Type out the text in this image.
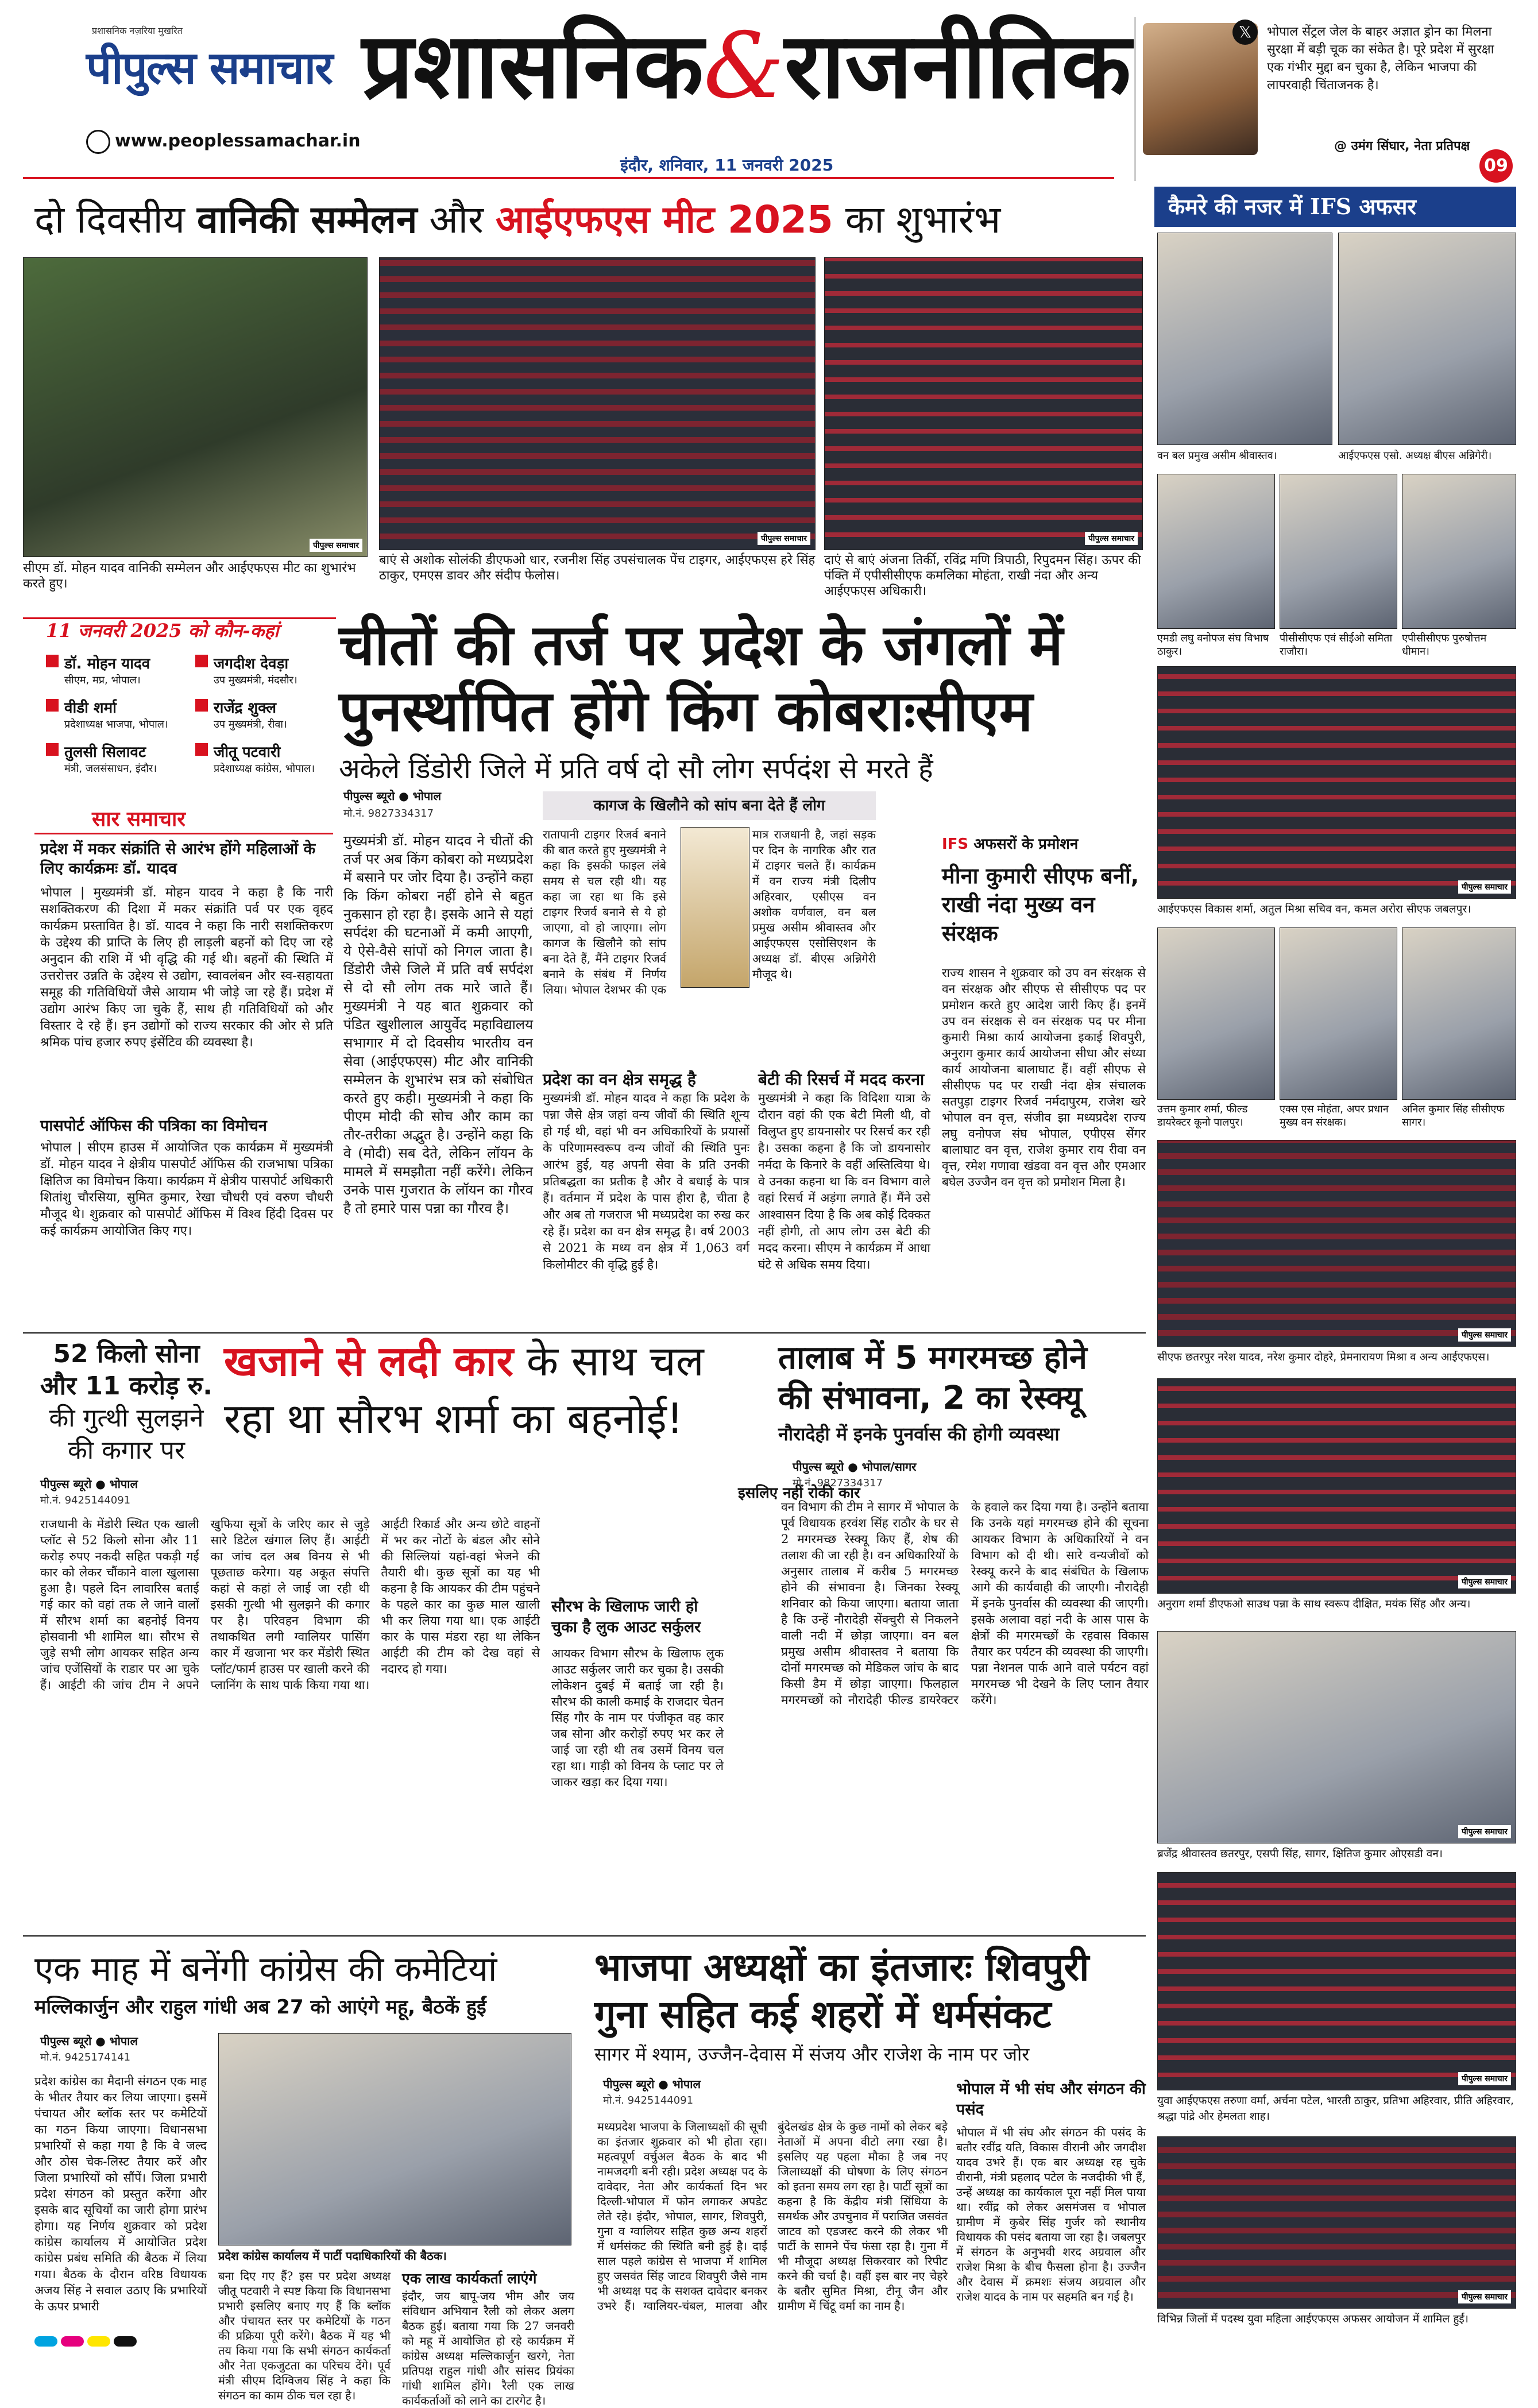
प्रशासनिक नज़रिया मुखरित
पीपुल्स समाचार
www.peoplessamachar.in
प्रशासनिक&राजनीतिक
इंदौर, शनिवार, 11 जनवरी 2025
𝕏	भोपाल सेंट्रल जेल के बाहर अज्ञात ड्रोन का मिलना सुरक्षा में बड़ी चूक का संकेत है। पूरे प्रदेश में सुरक्षा एक गंभीर मुद्दा बन चुका है, लेकिन भाजपा की लापरवाही चिंताजनक है।
@ उमंग सिंघार, नेता प्रतिपक्ष
09
दो दिवसीय वानिकी सम्मेलन और आईएफएस मीट 2025 का शुभारंभ
पीपुल्स समाचार
सीएम डॉ. मोहन यादव वानिकी सम्मेलन और आईएफएस मीट का शुभारंभ करते हुए।
पीपुल्स समाचार
बाएं से अशोक सोलंकी डीएफओ धार, रजनीश सिंह उपसंचालक पेंच टाइगर, आईएफएस हरे सिंह ठाकुर, एमएस डावर और संदीप फेलोस।
पीपुल्स समाचार
दाएं से बाएं अंजना तिर्की, रविंद्र मणि त्रिपाठी, रिपुदमन सिंह। ऊपर की पंक्ति में एपीसीसीएफ कमलिका मोहंता, राखी नंदा और अन्य आईएफएस अधिकारी।
कैमरे की नजर में IFS अफसर
वन बल प्रमुख असीम श्रीवास्तव।	आईएफएस एसो. अध्यक्ष बीएस अन्निगेरी।
एमडी लघु वनोपज संघ विभाष ठाकुर।
पीसीसीएफ एवं सीईओ समिता राजौरा।
एपीसीसीएफ पुरुषोत्तम धीमान।
पीपुल्स समाचार
आईएफएस विकास शर्मा, अतुल मिश्रा सचिव वन, कमल अरोरा सीएफ जबलपुर।
उत्तम कुमार शर्मा, फील्ड डायरेक्टर कूनो पालपुर।
एक्स एस मोहंता, अपर प्रधान मुख्य वन संरक्षक।
अनिल कुमार सिंह सीसीएफ सागर।
पीपुल्स समाचार
सीएफ छतरपुर नरेश यादव, नरेश कुमार दोहरे, प्रेमनारायण मिश्रा व अन्य आईएफएस।
पीपुल्स समाचार
अनुराग शर्मा डीएफओ साउथ पन्ना के साथ स्वरूप दीक्षित, मयंक सिंह और अन्य।
पीपुल्स समाचार
ब्रजेंद्र श्रीवास्तव छतरपुर, एसपी सिंह, सागर, क्षितिज कुमार ओएसडी वन।
पीपुल्स समाचार
युवा आईएफएस तरुणा वर्मा, अर्चना पटेल, भारती ठाकुर, प्रतिभा अहिरवार, प्रीति अहिरवार, श्रद्धा पांद्रे और हेमलता शाह।
पीपुल्स समाचार
विभिन्न जिलों में पदस्थ युवा महिला आईएफएस अफसर आयोजन में शामिल हुईं।
11 जनवरी 2025 को कौन-कहां
डॉ. मोहन यादव
सीएम, मप्र, भोपाल।
जगदीश देवड़ा
उप मुख्यमंत्री, मंदसौर।
वीडी शर्मा
प्रदेशाध्यक्ष भाजपा, भोपाल।
राजेंद्र शुक्ल
उप मुख्यमंत्री, रीवा।
तुलसी सिलावट
मंत्री, जलसंसाधन, इंदौर।
जीतू पटवारी
प्रदेशाध्यक्ष कांग्रेस, भोपाल।
सार समाचार
प्रदेश में मकर संक्रांति से आरंभ होंगे महिलाओं के लिए कार्यक्रमः डॉ. यादव
भोपाल | मुख्यमंत्री डॉ. मोहन यादव ने कहा है कि नारी सशक्तिकरण की दिशा में मकर संक्रांति पर्व पर एक वृहद कार्यक्रम प्रस्तावित है। डॉ. यादव ने कहा कि नारी सशक्तिकरण के उद्देश्य की प्राप्ति के लिए ही लाड़ली बहनों को दिए जा रहे अनुदान की राशि में भी वृद्धि की गई थी। बहनों की स्थिति में उत्तरोत्तर उन्नति के उद्देश्य से उद्योग, स्वावलंबन और स्व-सहायता समूह की गतिविधियों जैसे आयाम भी जोड़े जा रहे हैं। प्रदेश में उद्योग आरंभ किए जा चुके हैं, साथ ही गतिविधियों को और विस्तार दे रहे हैं। इन उद्योगों को राज्य सरकार की ओर से प्रति श्रमिक पांच हजार रुपए इंसेंटिव की व्यवस्था है।
पासपोर्ट ऑफिस की पत्रिका का विमोचन
भोपाल | सीएम हाउस में आयोजित एक कार्यक्रम में मुख्यमंत्री डॉ. मोहन यादव ने क्षेत्रीय पासपोर्ट ऑफिस की राजभाषा पत्रिका क्षितिज का विमोचन किया। कार्यक्रम में क्षेत्रीय पासपोर्ट अधिकारी शितांशु चौरसिया, सुमित कुमार, रेखा चौधरी एवं वरुण चौधरी मौजूद थे। शुक्रवार को पासपोर्ट ऑफिस में विश्व हिंदी दिवस पर कई कार्यक्रम आयोजित किए गए।
चीतों की तर्ज पर प्रदेश के जंगलों में
पुनर्स्थापित होंगे किंग कोबराःसीएम
अकेले डिंडोरी जिले में प्रति वर्ष दो सौ लोग सर्पदंश से मरते हैं
पीपुल्स ब्यूरो ● भोपाल
मो.नं. 9827334317
मुख्यमंत्री डॉ. मोहन यादव ने चीतों की तर्ज पर अब किंग कोबरा को मध्यप्रदेश में बसाने पर जोर दिया है। उन्होंने कहा कि किंग कोबरा नहीं होने से बहुत नुकसान हो रहा है। इसके आने से यहां सर्पदंश की घटनाओं में कमी आएगी, ये ऐसे-वैसे सांपों को निगल जाता है। डिंडोरी जैसे जिले में प्रति वर्ष सर्पदंश से दो सौ लोग तक मारे जाते हैं। मुख्यमंत्री ने यह बात शुक्रवार को पंडित खुशीलाल आयुर्वेद महाविद्यालय सभागार में दो दिवसीय भारतीय वन सेवा (आईएफएस) मीट और वानिकी सम्मेलन के शुभारंभ सत्र को संबोधित करते हुए कही। मुख्यमंत्री ने कहा कि पीएम मोदी की सोच और काम का तौर-तरीका अद्भुत है। उन्होंने कहा कि वे (मोदी) सब देते, लेकिन लॉयन के मामले में समझौता नहीं करेंगे। लेकिन उनके पास गुजरात के लॉयन का गौरव है तो हमारे पास पन्ना का गौरव है।
कागज के खिलौने को सांप बना देते हैं लोग
रातापानी टाइगर रिजर्व बनाने की बात करते हुए मुख्यमंत्री ने कहा कि इसकी फाइल लंबे समय से चल रही थी। यह कहा जा रहा था कि इसे टाइगर रिजर्व बनाने से ये हो जाएगा, वो हो जाएगा। लोग कागज के खिलौने को सांप बना देते हैं, मैंने टाइगर रिजर्व बनाने के संबंध में निर्णय लिया। भोपाल देशभर की एक मात्र राजधानी है, जहां सड़क पर दिन के नागरिक और रात में टाइगर चलते हैं। कार्यक्रम में वन राज्य मंत्री दिलीप अहिरवार, एसीएस वन अशोक वर्णवाल, वन बल प्रमुख असीम श्रीवास्तव और आईएफएस एसोसिएशन के अध्यक्ष डॉ. बीएस अन्निगेरी मौजूद थे।
प्रदेश का वन क्षेत्र समृद्ध है
मुख्यमंत्री डॉ. मोहन यादव ने कहा कि प्रदेश के पन्ना जैसे क्षेत्र जहां वन्य जीवों की स्थिति शून्य हो गई थी, वहां भी वन अधिकारियों के प्रयासों के परिणामस्वरूप वन्य जीवों की स्थिति पुनः आरंभ हुई, यह अपनी सेवा के प्रति उनकी प्रतिबद्धता का प्रतीक है और वे बधाई के पात्र हैं। वर्तमान में प्रदेश के पास हीरा है, चीता है और अब तो गजराज भी मध्यप्रदेश का रुख कर रहे हैं। प्रदेश का वन क्षेत्र समृद्ध है। वर्ष 2003 से 2021 के मध्य वन क्षेत्र में 1,063 वर्ग किलोमीटर की वृद्धि हुई है।
बेटी की रिसर्च में मदद करना
मुख्यमंत्री ने कहा कि विदिशा यात्रा के दौरान वहां की एक बेटी मिली थी, वो विलुप्त हुए डायनासोर पर रिसर्च कर रही है। उसका कहना है कि जो डायनासोर नर्मदा के किनारे के वहीं अस्तित्विया थे। वे उनका कहना था कि वन विभाग वाले वहां रिसर्च में अड़ंगा लगाते हैं। मैंने उसे आश्वासन दिया है कि अब कोई दिक्कत नहीं होगी, तो आप लोग उस बेटी की मदद करना। सीएम ने कार्यक्रम में आधा घंटे से अधिक समय दिया।
IFS अफसरों के प्रमोशन
मीना कुमारी सीएफ बनीं, राखी नंदा मुख्य वन संरक्षक
राज्य शासन ने शुक्रवार को उप वन संरक्षक से वन संरक्षक और सीएफ से सीसीएफ पद पर प्रमोशन करते हुए आदेश जारी किए हैं। इनमें उप वन संरक्षक से वन संरक्षक पद पर मीना कुमारी मिश्रा कार्य आयोजना इकाई शिवपुरी, अनुराग कुमार कार्य आयोजना सीधा और संध्या कार्य आयोजना बालाघाट हैं। वहीं सीएफ से सीसीएफ पद पर राखी नंदा क्षेत्र संचालक सतपुड़ा टाइगर रिजर्व नर्मदापुरम, राजेश खरे भोपाल वन वृत्त, संजीव झा मध्यप्रदेश राज्य लघु वनोपज संघ भोपाल, एपीएस सेंगर बालाघाट वन वृत्त, राजेश कुमार राय रीवा वन वृत्त, रमेश गणावा खंडवा वन वृत्त और एमआर बघेल उज्जैन वन वृत्त को प्रमोशन मिला है।
52 किलो सोना
और 11 करोड़ रु.
की गुत्थी सुलझने
की कगार पर
खजाने से लदी कार के साथ चल
रहा था सौरभ शर्मा का बहनोई!
पीपुल्स ब्यूरो ● भोपाल
मो.नं. 9425144091
राजधानी के मेंडोरी स्थित एक खाली प्लॉट से 52 किलो सोना और 11 करोड़ रुपए नकदी सहित पकड़ी गई कार को लेकर चौंकाने वाला खुलासा हुआ है। पहले दिन लावारिस बताई गई कार को वहां तक ले जाने वालों में सौरभ शर्मा का बहनोई विनय होसवानी भी शामिल था। सौरभ से जुड़े सभी लोग आयकर सहित अन्य जांच एजेंसियों के राडार पर आ चुके हैं। आईटी की जांच टीम ने अपने खुफिया सूत्रों के जरिए कार से जुड़े सारे डिटेल खंगाल लिए हैं। आईटी का जांच दल अब विनय से भी पूछताछ करेगा। यह अकूत संपत्ति कहां से कहां ले जाई जा रही थी इसकी गुत्थी भी सुलझने की कगार पर है। परिवहन विभाग की तथाकथित लगी ग्वालियर पासिंग कार में खजाना भर कर मेंडोरी स्थित प्लॉट/फार्म हाउस पर खाली करने की प्लानिंग के साथ पार्क किया गया था। आईटी रिकार्ड और अन्य छोटे वाहनों में भर कर नोटों के बंडल और सोने की सिल्लियां यहां-वहां भेजने की तैयारी थी। कुछ सूत्रों का यह भी कहना है कि आयकर की टीम पहुंचने के पहले कार का कुछ माल खाली भी कर लिया गया था। एक आईटी कार के पास मंडरा रहा था लेकिन आईटी की टीम को देख वहां से नदारद हो गया।
सौरभ के खिलाफ जारी हो चुका है लुक आउट सर्कुलर
आयकर विभाग सौरभ के खिलाफ लुक आउट सर्कुलर जारी कर चुका है। उसकी लोकेशन दुबई में बताई जा रही है। सौरभ की काली कमाई के राजदार चेतन सिंह गौर के नाम पर पंजीकृत वह कार जब सोना और करोड़ों रुपए भर कर ले जाई जा रही थी तब उसमें विनय चल रहा था। गाड़ी को विनय के प्लाट पर ले जाकर खड़ा कर दिया गया।
इसलिए नहीं रोकी कार
तालाब में 5 मगरमच्छ होने
की संभावना, 2 का रेस्क्यू
नौरादेही में इनके पुनर्वास की होगी व्यवस्था
पीपुल्स ब्यूरो ● भोपाल/सागर
मो.नं. 9827334317
वन विभाग की टीम ने सागर में भोपाल के पूर्व विधायक हरवंश सिंह राठौर के घर से 2 मगरमच्छ रेस्क्यू किए हैं, शेष की तलाश की जा रही है। वन अधिकारियों के अनुसार तालाब में करीब 5 मगरमच्छ होने की संभावना है। जिनका रेस्क्यू शनिवार को किया जाएगा। बताया जाता है कि उन्हें नौरादेही सेंक्चुरी से निकलने वाली नदी में छोड़ा जाएगा। वन बल प्रमुख असीम श्रीवास्तव ने बताया कि दोनों मगरमच्छ को मेडिकल जांच के बाद किसी डैम में छोड़ा जाएगा। फिलहाल मगरमच्छों को नौरादेही फील्ड डायरेक्टर के हवाले कर दिया गया है। उन्होंने बताया कि उनके यहां मगरमच्छ होने की सूचना आयकर विभाग के अधिकारियों ने वन विभाग को दी थी। सारे वन्यजीवों को रेस्क्यू करने के बाद संबंधित के खिलाफ आगे की कार्यवाही की जाएगी। नौरादेही में इनके पुनर्वास की व्यवस्था की जाएगी। इसके अलावा वहां नदी के आस पास के क्षेत्रों की मगरमच्छों के रहवास विकास तैयार कर पर्यटन की व्यवस्था की जाएगी। पन्ना नेशनल पार्क आने वाले पर्यटन वहां मगरमच्छ भी देखने के लिए प्लान तैयार करेंगे।
एक माह में बनेंगी कांग्रेस की कमेटियां
मल्लिकार्जुन और राहुल गांधी अब 27 को आएंगे महू, बैठकें हुईं
पीपुल्स ब्यूरो ● भोपाल
मो.नं. 9425174141
प्रदेश कांग्रेस का मैदानी संगठन एक माह के भीतर तैयार कर लिया जाएगा। इसमें पंचायत और ब्लॉक स्तर पर कमेटियों का गठन किया जाएगा। विधानसभा प्रभारियों से कहा गया है कि वे जल्द और ठोस चेक-लिस्ट तैयार करें और जिला प्रभारियों को सौंपें। जिला प्रभारी प्रदेश संगठन को प्रस्तुत करेंगा और इसके बाद सूचियों का जारी होगा प्रारंभ होगा। यह निर्णय शुक्रवार को प्रदेश कांग्रेस कार्यालय में आयोजित प्रदेश कांग्रेस प्रबंध समिति की बैठक में लिया गया। बैठक के दौरान वरिष्ठ विधायक अजय सिंह ने सवाल उठाए कि प्रभारियों के ऊपर प्रभारी
प्रदेश कांग्रेस कार्यालय में पार्टी पदाधिकारियों की बैठक।
बना दिए गए हैं? इस पर प्रदेश अध्यक्ष जीतू पटवारी ने स्पष्ट किया कि विधानसभा प्रभारी इसलिए बनाए गए हैं कि ब्लॉक और पंचायत स्तर पर कमेटियों के गठन की प्रक्रिया पूरी करेंगे। बैठक में यह भी तय किया गया कि सभी संगठन कार्यकर्ता और नेता एकजुटता का परिचय देंगे। पूर्व मंत्री सीएम दिग्विजय सिंह ने कहा कि संगठन का काम ठीक चल रहा है।
एक लाख कार्यकर्ता लाएंगे
इंदौर, जय बापू-जय भीम और जय संविधान अभियान रैली को लेकर अलग बैठक हुई। बताया गया कि 27 जनवरी को महू में आयोजित हो रहे कार्यक्रम में कांग्रेस अध्यक्ष मल्लिकार्जुन खरगे, नेता प्रतिपक्ष राहुल गांधी और सांसद प्रियंका गांधी शामिल होंगे। रैली एक लाख कार्यकर्ताओं को लाने का टारगेट है।
भाजपा अध्यक्षों का इंतजारः शिवपुरी
गुना सहित कई शहरों में धर्मसंकट
सागर में श्याम, उज्जैन-देवास में संजय और राजेश के नाम पर जोर
पीपुल्स ब्यूरो ● भोपाल
मो.नं. 9425144091
मध्यप्रदेश भाजपा के जिलाध्यक्षों की सूची का इंतजार शुक्रवार को भी होता रहा। महत्वपूर्ण वर्चुअल बैठक के बाद भी नामजदगी बनी रही। प्रदेश अध्यक्ष पद के दावेदार, नेता और कार्यकर्ता दिन भर दिल्ली-भोपाल में फोन लगाकर अपडेट लेते रहे। इंदौर, भोपाल, सागर, शिवपुरी, गुना व ग्वालियर सहित कुछ अन्य शहरों में धर्मसंकट की स्थिति बनी हुई है। दाई साल पहले कांग्रेस से भाजपा में शामिल हुए जसवंत सिंह जाटव शिवपुरी जैसे नाम भी अध्यक्ष पद के सशक्त दावेदार बनकर उभरे हैं। ग्वालियर-चंबल, मालवा और बुंदेलखंड क्षेत्र के कुछ नामों को लेकर बड़े नेताओं में अपना वीटो लगा रखा है। इसलिए यह पहला मौका है जब नए जिलाध्यक्षों की घोषणा के लिए संगठन को इतना समय लग रहा है। पार्टी सूत्रों का कहना है कि केंद्रीय मंत्री सिंधिया के समर्थक और उपचुनाव में पराजित जसवंत जाटव को एडजस्ट करने की लेकर भी पार्टी के सामने पेंच फंसा रहा है। गुना में भी मौजूदा अध्यक्ष सिकरवार को रिपीट करने की चर्चा है। वहीं इस बार नए चेहरे के बतौर सुमित मिश्रा, टीनू जैन और ग्रामीण में चिंटू वर्मा का नाम है।
भोपाल में भी संघ और संगठन की पसंद
भोपाल में भी संघ और संगठन की पसंद के बतौर रवींद्र यति, विकास वीरानी और जगदीश यादव उभरे हैं। एक बार अध्यक्ष रह चुके वीरानी, मंत्री प्रहलाद पटेल के नजदीकी भी हैं, उन्हें अध्यक्ष का कार्यकाल पूरा नहीं मिल पाया था। रवींद्र को लेकर असमंजस व भोपाल ग्रामीण में कुबेर सिंह गुर्जर को स्थानीय विधायक की पसंद बताया जा रहा है। जबलपुर में संगठन के अनुभवी शरद अग्रवाल और राजेश मिश्रा के बीच फैसला होना है। उज्जैन और देवास में क्रमशः संजय अग्रवाल और राजेश यादव के नाम पर सहमति बन गई है।
